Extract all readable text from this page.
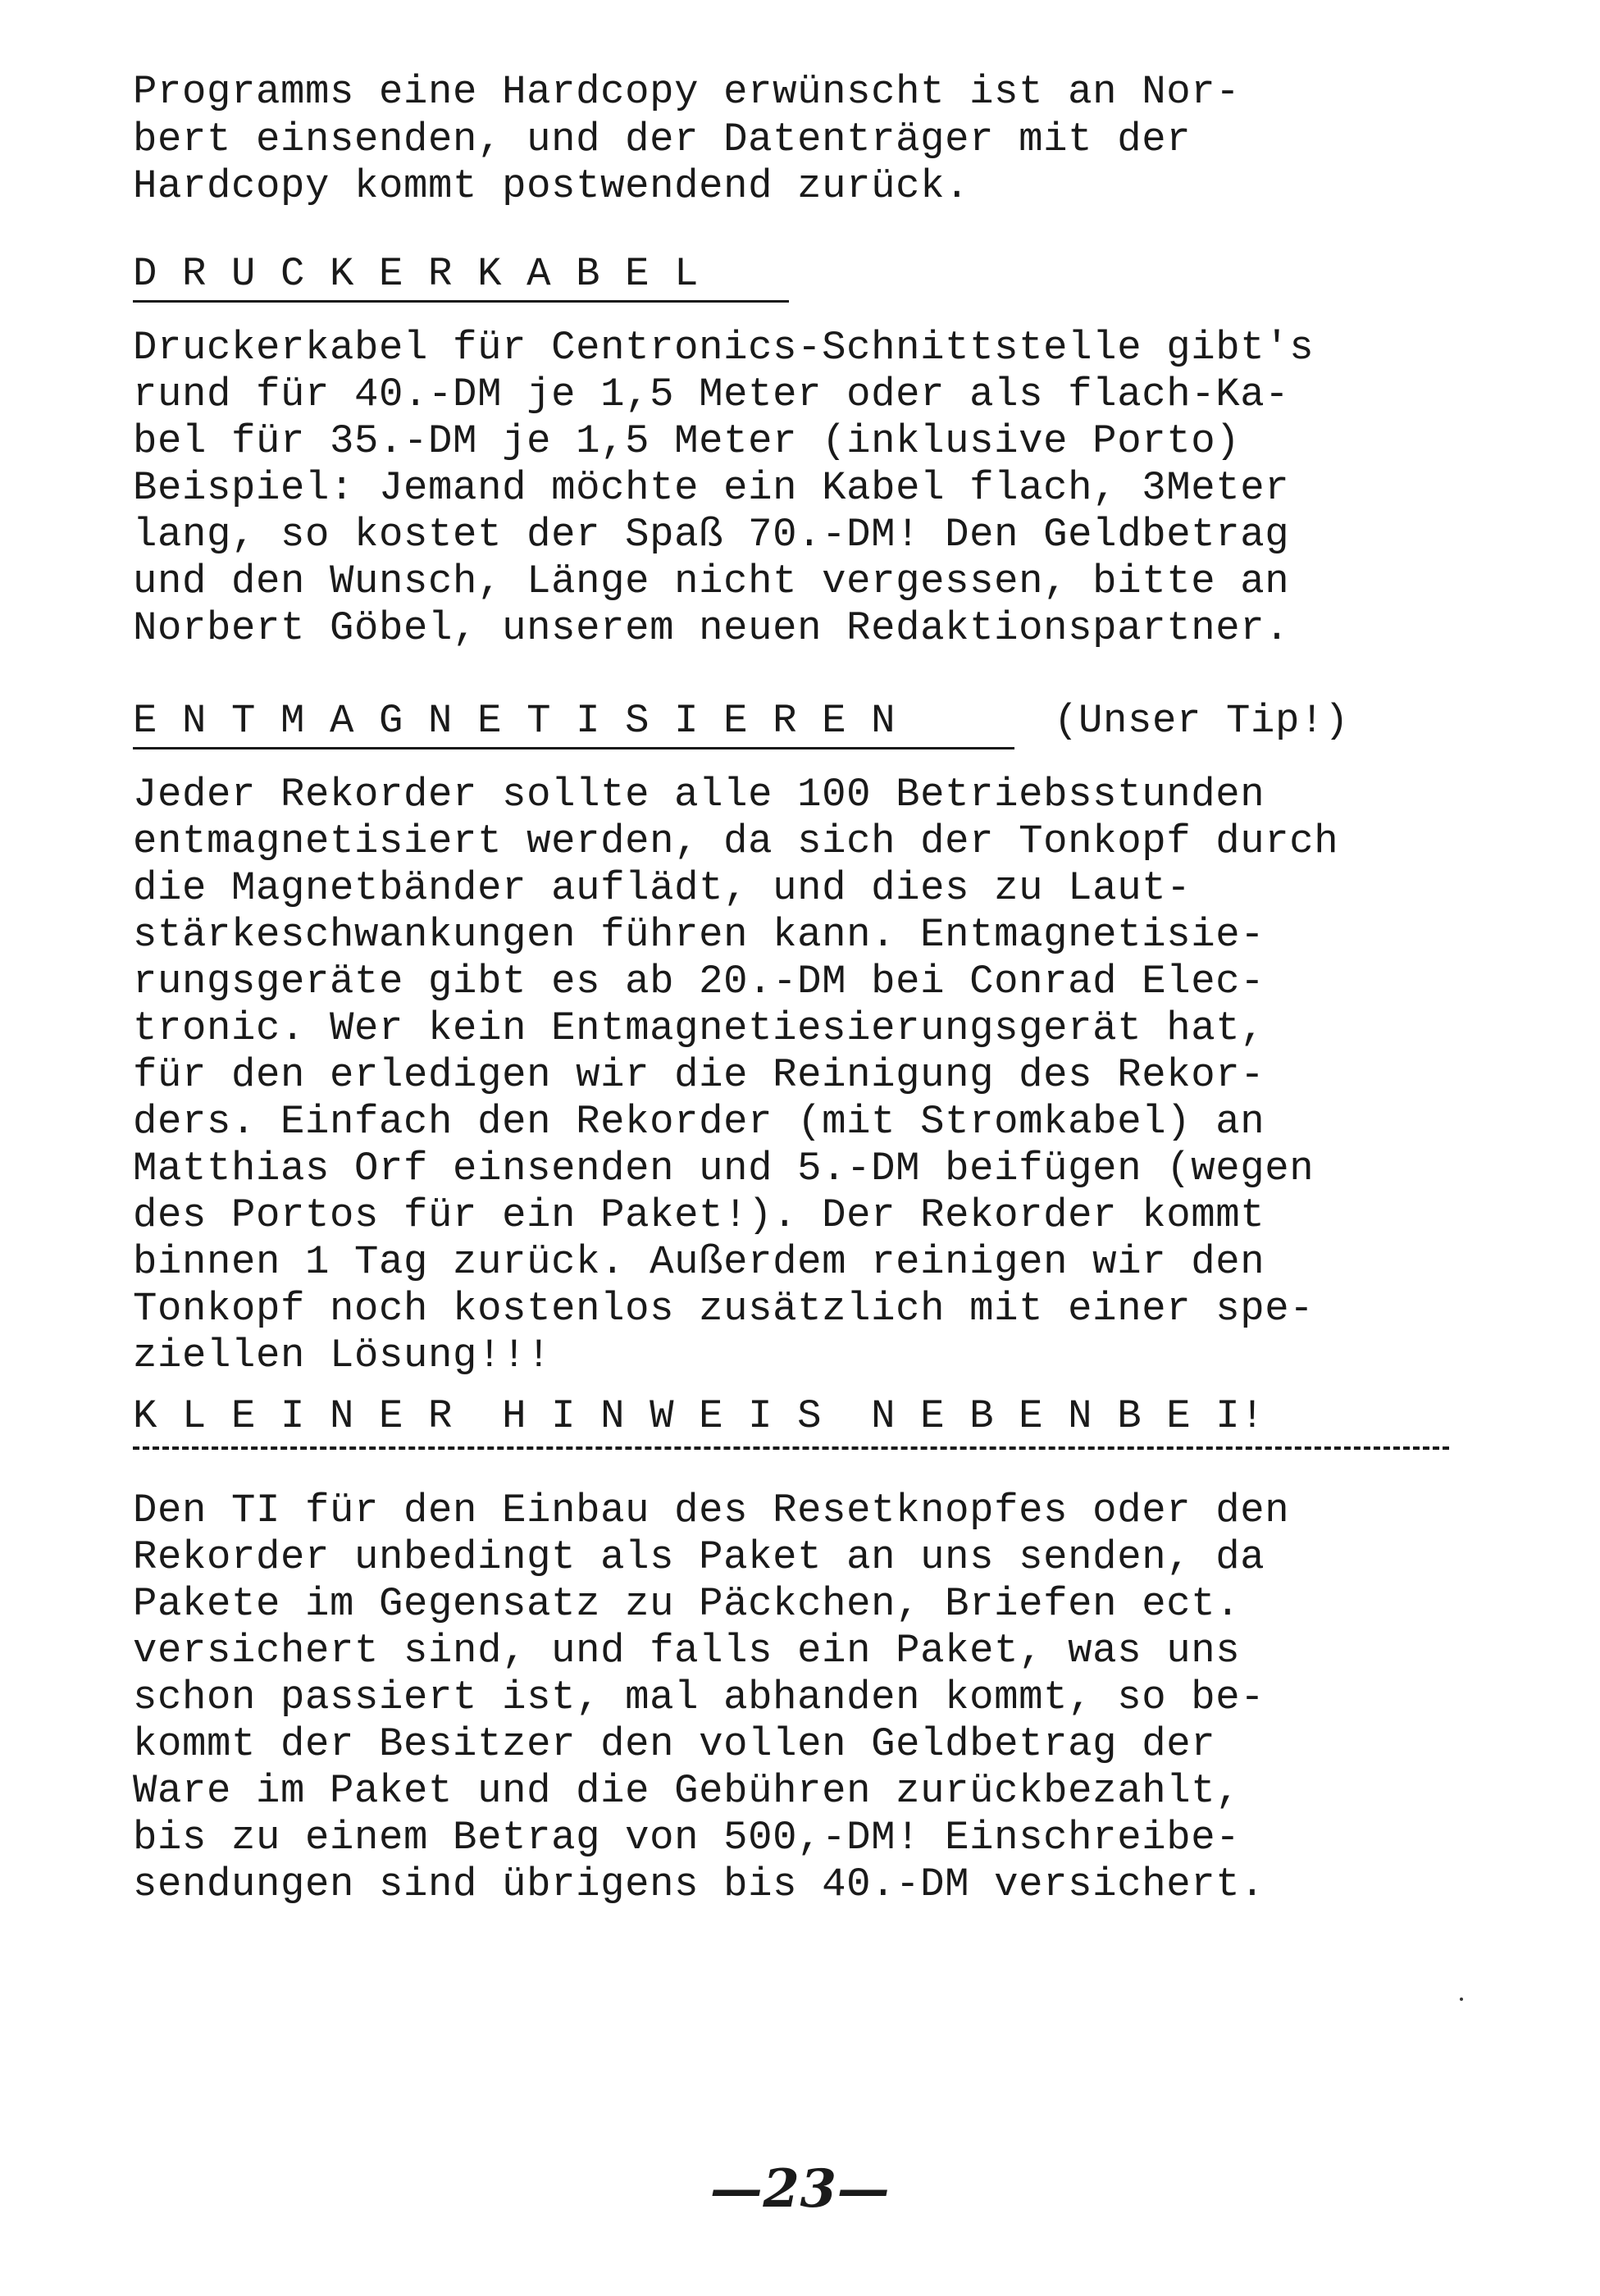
Programms eine Hardcopy erwünscht ist an Nor-
bert einsenden, und der Datenträger mit der
Hardcopy kommt postwendend zurück.
D R U C K E R K A B E L
Druckerkabel für Centronics-Schnittstelle gibt's
rund für 40.-DM je 1,5 Meter oder als flach-Ka-
bel für 35.-DM je 1,5 Meter (inklusive Porto)
Beispiel: Jemand möchte ein Kabel flach, 3Meter
lang, so kostet der Spaß 70.-DM! Den Geldbetrag
und den Wunsch, Länge nicht vergessen, bitte an
Norbert Göbel, unserem neuen Redaktionspartner.
E N T M A G N E T I S I E R E N	(Unser Tip!)
Jeder Rekorder sollte alle 100 Betriebsstunden
entmagnetisiert werden, da sich der Tonkopf durch
die Magnetbänder auflädt, und dies zu Laut-
stärkeschwankungen führen kann. Entmagnetisie-
rungsgeräte gibt es ab 20.-DM bei Conrad Elec-
tronic. Wer kein Entmagnetiesierungsgerät hat,
für den erledigen wir die Reinigung des Rekor-
ders. Einfach den Rekorder (mit Stromkabel) an
Matthias Orf einsenden und 5.-DM beifügen (wegen
des Portos für ein Paket!). Der Rekorder kommt
binnen 1 Tag zurück. Außerdem reinigen wir den
Tonkopf noch kostenlos zusätzlich mit einer spe-
ziellen Lösung!!!
K L E I N E R  H I N W E I S  N E B E N B E I!
Den TI für den Einbau des Resetknopfes oder den
Rekorder unbedingt als Paket an uns senden, da
Pakete im Gegensatz zu Päckchen, Briefen ect.
versichert sind, und falls ein Paket, was uns
schon passiert ist, mal abhanden kommt, so be-
kommt der Besitzer den vollen Geldbetrag der
Ware im Paket und die Gebühren zurückbezahlt,
bis zu einem Betrag von 500,-DM! Einschreibe-
sendungen sind übrigens bis 40.-DM versichert.
—23—
